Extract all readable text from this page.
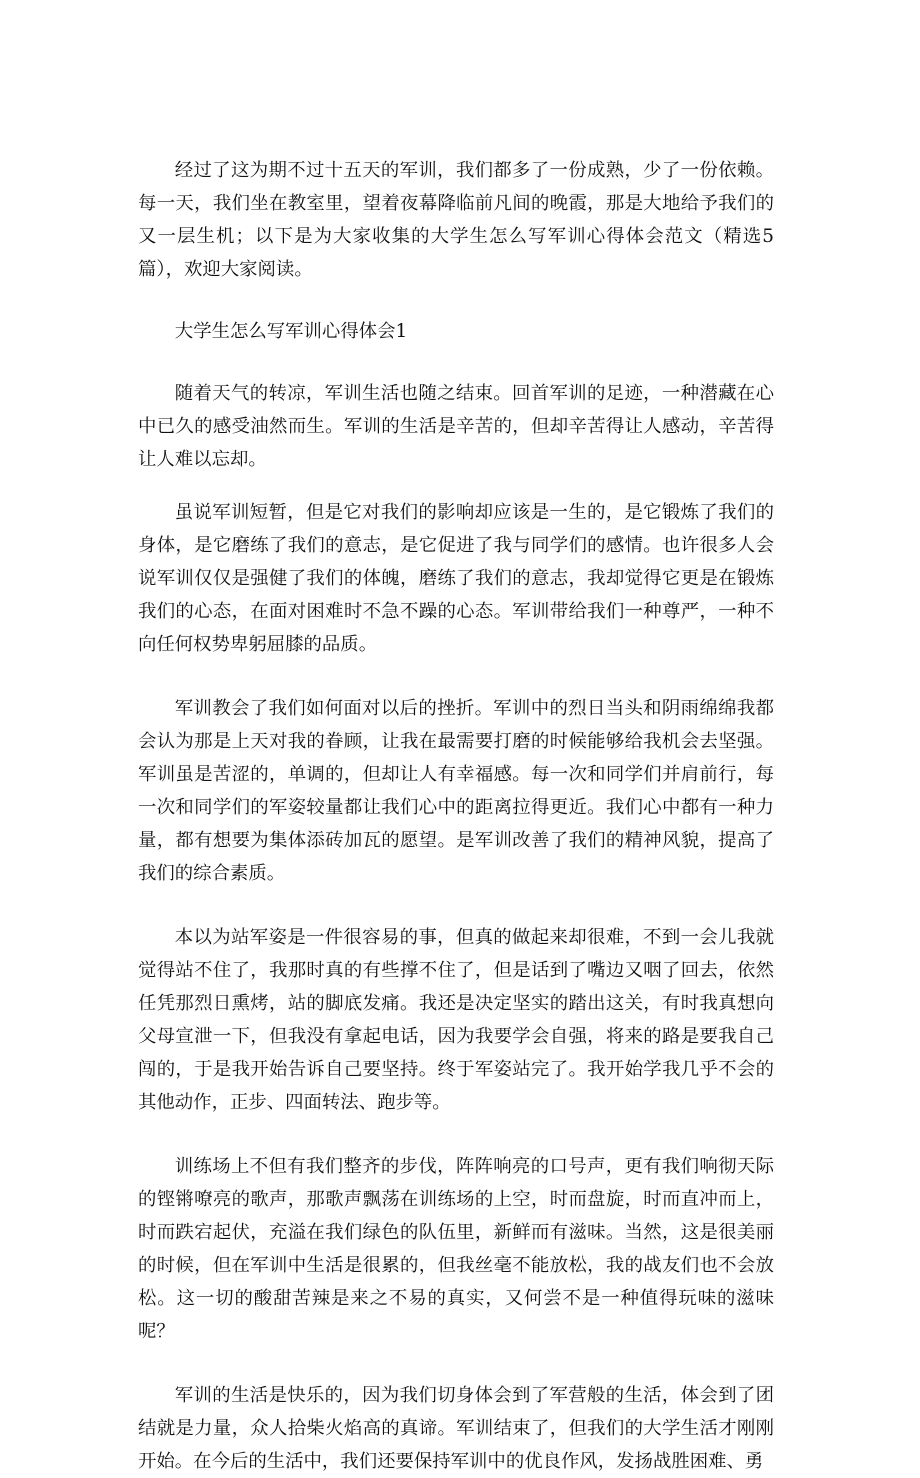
经过了这为期不过十五天的军训，我们都多了一份成熟，少了一份依赖。每一天，我们坐在教室里，望着夜幕降临前凡间的晚霞，那是大地给予我们的又一层生机；以下是为大家收集的大学生怎么写军训心得体会范文（精选5篇），欢迎大家阅读。

大学生怎么写军训心得体会1

随着天气的转凉，军训生活也随之结束。回首军训的足迹，一种潜藏在心中已久的感受油然而生。军训的生活是辛苦的，但却辛苦得让人感动，辛苦得让人难以忘却。

虽说军训短暂，但是它对我们的影响却应该是一生的，是它锻炼了我们的身体，是它磨练了我们的意志，是它促进了我与同学们的感情。也许很多人会说军训仅仅是强健了我们的体魄，磨练了我们的意志，我却觉得它更是在锻炼我们的心态，在面对困难时不急不躁的心态。军训带给我们一种尊严，一种不向任何权势卑躬屈膝的品质。

军训教会了我们如何面对以后的挫折。军训中的烈日当头和阴雨绵绵我都会认为那是上天对我的眷顾，让我在最需要打磨的时候能够给我机会去坚强。军训虽是苦涩的，单调的，但却让人有幸福感。每一次和同学们并肩前行，每一次和同学们的军姿较量都让我们心中的距离拉得更近。我们心中都有一种力量，都有想要为集体添砖加瓦的愿望。是军训改善了我们的精神风貌，提高了我们的综合素质。

本以为站军姿是一件很容易的事，但真的做起来却很难，不到一会儿我就觉得站不住了，我那时真的有些撑不住了，但是话到了嘴边又咽了回去，依然任凭那烈日熏烤，站的脚底发痛。我还是决定坚实的踏出这关，有时我真想向父母宣泄一下，但我没有拿起电话，因为我要学会自强，将来的路是要我自己闯的，于是我开始告诉自己要坚持。终于军姿站完了。我开始学我几乎不会的其他动作，正步、四面转法、跑步等。

训练场上不但有我们整齐的步伐，阵阵响亮的口号声，更有我们响彻天际的铿锵嘹亮的歌声，那歌声飘荡在训练场的上空，时而盘旋，时而直冲而上，时而跌宕起伏，充溢在我们绿色的队伍里，新鲜而有滋味。当然，这是很美丽的时候，但在军训中生活是很累的，但我丝毫不能放松，我的战友们也不会放松。这一切的酸甜苦辣是来之不易的真实，又何尝不是一种值得玩味的滋味呢？

军训的生活是快乐的，因为我们切身体会到了军营般的生活，体会到了团结就是力量，众人拾柴火焰高的真谛。军训结束了，但我们的大学生活才刚刚开始。在今后的生活中，我们还要保持军训中的优良作风，发扬战胜困难、勇
